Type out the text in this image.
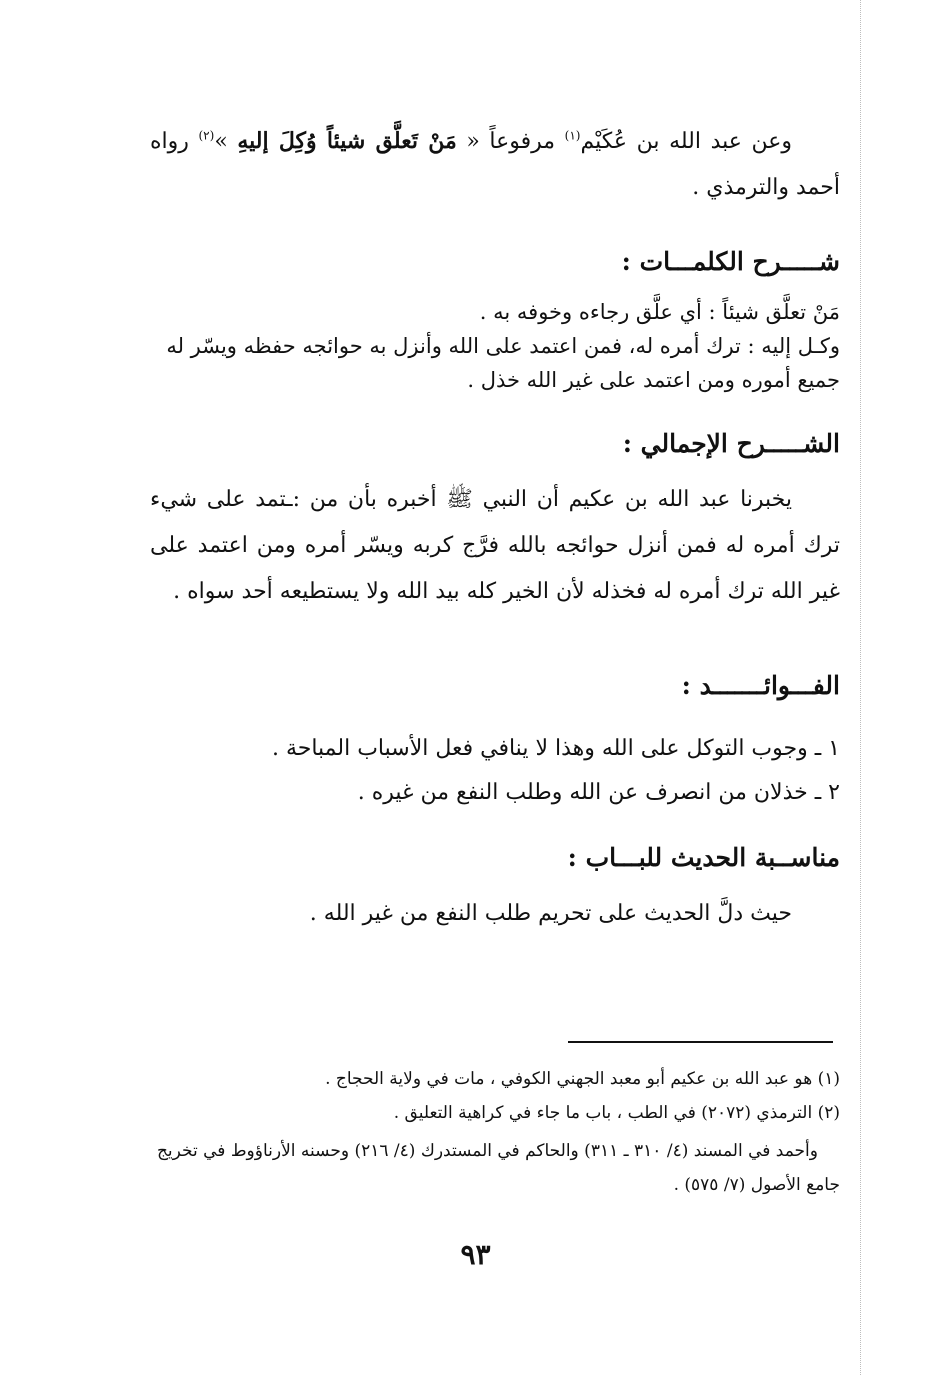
وعن عبد الله بن عُكَيْم$^{(١)}$ مرفوعاً « مَنْ تَعلَّق شيئاً وُكِلَ إليهِ »$^{(٢)}$ رواه أحمد والترمذي .

شـــــرح الكلمـــات :

مَنْ تعلَّق شيئاً : أي علَّق رجاءه وخوفه به .

وكـل إليه : ترك أمره له، فمن اعتمد على الله وأنزل به حوائجه حفظه ويسّر له جميع أموره ومن اعتمد على غير الله خذل .

الشـــــرح الإجمالي :

يخبرنا عبد الله بن عكيم أن النبي ﷺ أخبره بأن من :ـتمد على شيء ترك أمره له فمن أنزل حوائجه بالله فرَّج كربه ويسّر أمره ومن اعتمد على غير الله ترك أمره له فخذله لأن الخير كله بيد الله ولا يستطيعه أحد سواه .

الفـــوائـــــــد :

١ ـ وجوب التوكل على الله وهذا لا ينافي فعل الأسباب المباحة .

٢ ـ خذلان من انصرف عن الله وطلب النفع من غيره .

مناســبة الحديث للبـــاب :

حيث دلَّ الحديث على تحريم طلب النفع من غير الله .

(١) هو عبد الله بن عكيم أبو معبد الجهني الكوفي ، مات في ولاية الحجاج .

(٢) الترمذي (٢٠٧٢) في الطب ، باب ما جاء في كراهية التعليق .

وأحمد في المسند (٤/ ٣١٠ ـ ٣١١) والحاكم في المستدرك (٤/ ٢١٦) وحسنه الأرناؤوط في تخريج جامع الأصول (٧/ ٥٧٥) .

٩٣
